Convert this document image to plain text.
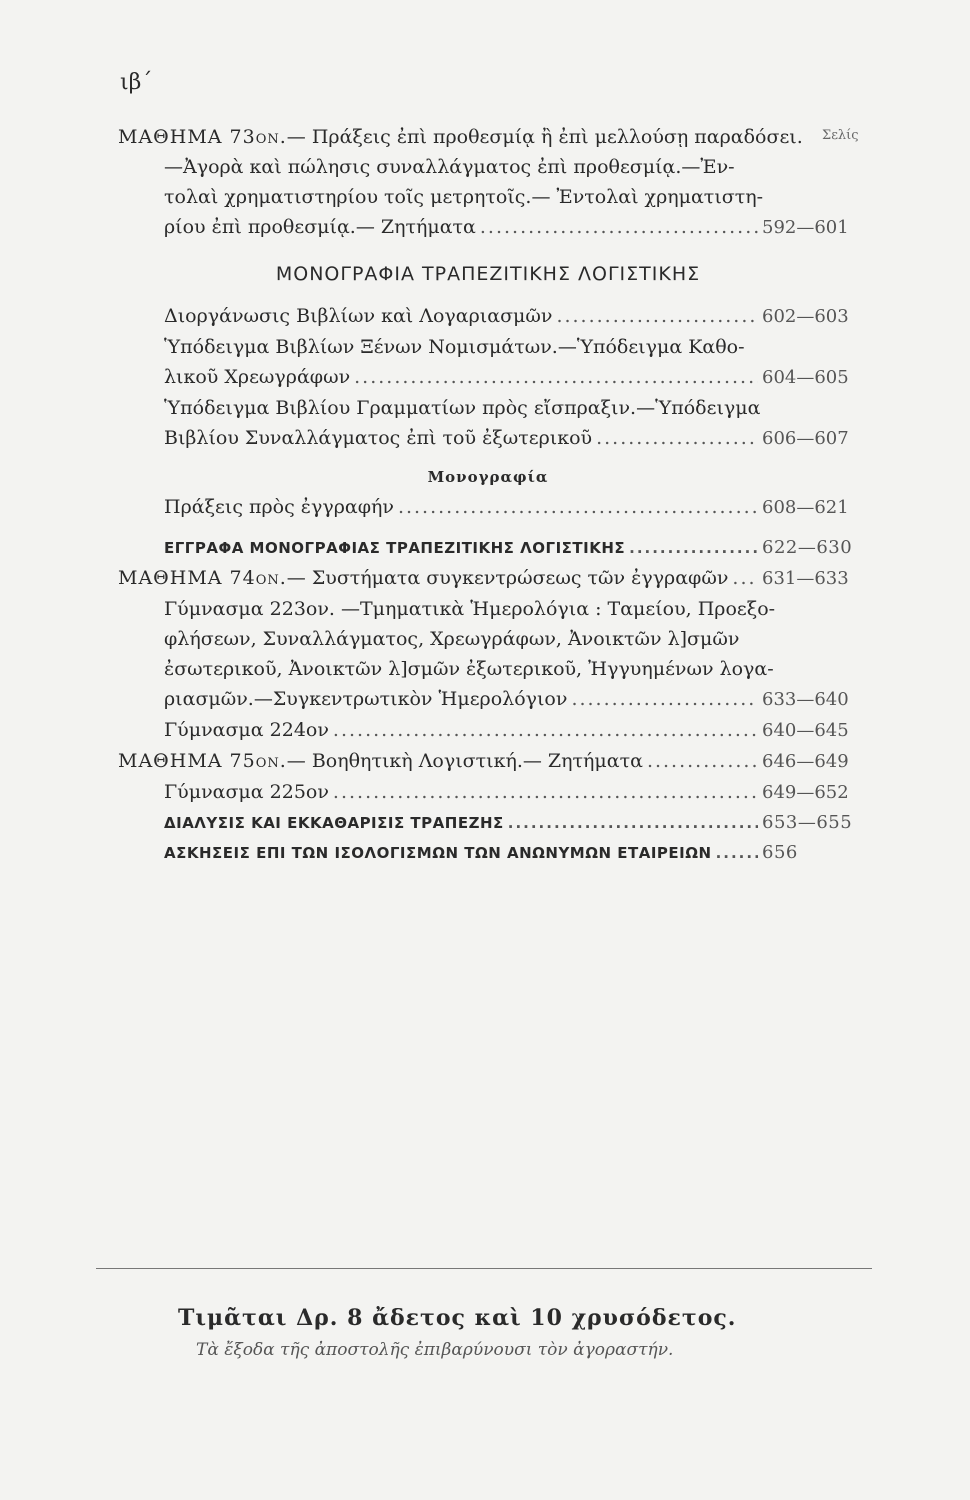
ιβ΄
Σελίς
ΜΑΘΗΜΑ 73ον.— Πράξεις ἐπὶ προθεσμίᾳ ἢ ἐπὶ μελλούσῃ παραδόσει.
—Ἀγορὰ καὶ πώλησις συναλλάγματος ἐπὶ προθεσμίᾳ.—Ἐν-
τολαὶ χρηματιστηρίου τοῖς μετρητοῖς.— Ἐντολαὶ χρηματιστη-
ρίου ἐπὶ προθεσμίᾳ.— Ζητήματα .....	592—601
ΜΟΝΟΓΡΑΦΙΑ ΤΡΑΠΕΖΙΤΙΚΗΣ ΛΟΓΙΣΤΙΚΗΣ
Διοργάνωσις Βιβλίων καὶ Λογαριασμῶν .....	602—603
Ὑπόδειγμα Βιβλίων Ξένων Νομισμάτων.—Ὑπόδειγμα Καθο-
λικοῦ Χρεωγράφων .....	604—605
Ὑπόδειγμα Βιβλίου Γραμματίων πρὸς εἴσπραξιν.—Ὑπόδειγμα
Βιβλίου Συναλλάγματος ἐπὶ τοῦ ἐξωτερικοῦ .....	606—607
Μονογραφία
Πράξεις πρὸς ἐγγραφήν .....	608—621
ΕΓΓΡΑΦΑ ΜΟΝΟΓΡΑΦΙΑΣ ΤΡΑΠΕΖΙΤΙΚΗΣ ΛΟΓΙΣΤΙΚΗΣ .....	622—630
ΜΑΘΗΜΑ 74ον.— Συστήματα συγκεντρώσεως τῶν ἐγγραφῶν ..... 631—633
Γύμνασμα 223ον. —Τμηματικὰ Ἡμερολόγια : Ταμείου, Προεξο-
φλήσεων, Συναλλάγματος, Χρεωγράφων, Ἀνοικτῶν λ]σμῶν
ἐσωτερικοῦ, Ἀνοικτῶν λ]σμῶν ἐξωτερικοῦ, Ἠγγυημένων λογα-
ριασμῶν.—Συγκεντρωτικὸν Ἡμερολόγιον .....	633—640
Γύμνασμα 224ον .....	640—645
ΜΑΘΗΜΑ 75ον.— Βοηθητικὴ Λογιστική.— Ζητήματα .....	646—649
Γύμνασμα 225ον .....	649—652
ΔΙΑΛΥΣΙΣ ΚΑΙ ΕΚΚΑΘΑΡΙΣΙΣ ΤΡΑΠΕΖΗΣ .....	653—655
ΑΣΚΗΣΕΙΣ ΕΠΙ ΤΩΝ ΙΣΟΛΟΓΙΣΜΩΝ ΤΩΝ ΑΝΩΝΥΜΩΝ ΕΤΑΙΡΕΙΩΝ .....	656
Τιμᾶται Δρ. 8 ἄδετος καὶ 10 χρυσόδετος.
Τὰ ἔξοδα τῆς ἀποστολῆς ἐπιβαρύνουσι τὸν ἀγοραστήν.
